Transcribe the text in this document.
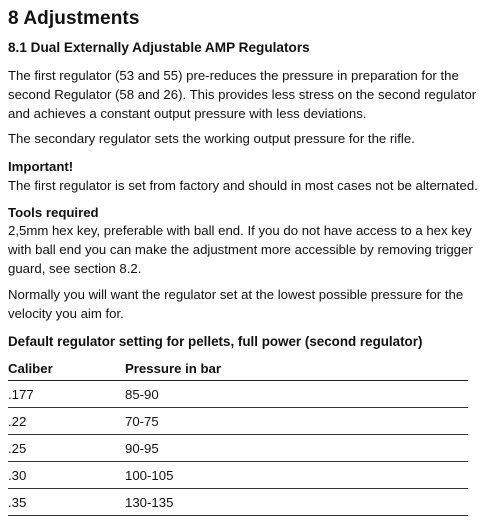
8 Adjustments
8.1 Dual Externally Adjustable AMP Regulators

The first regulator (53 and 55) pre-reduces the pressure in preparation for the second Regulator (58 and 26). This provides less stress on the second regulator and achieves a constant output pressure with less deviations.

The secondary regulator sets the working output pressure for the rifle.

Important!

The first regulator is set from factory and should in most cases not be alternated.

Tools required

2,5mm hex key, preferable with ball end. If you do not have access to a hex key with ball end you can make the adjustment more accessible by removing trigger guard, see section 8.2.

Normally you will want the regulator set at the lowest possible pressure for the velocity you aim for.

Default regulator setting for pellets, full power (second regulator)

Caliber	Pressure in bar
.177	85-90
.22	70-75
.25	90-95
.30	100-105
.35	130-135
